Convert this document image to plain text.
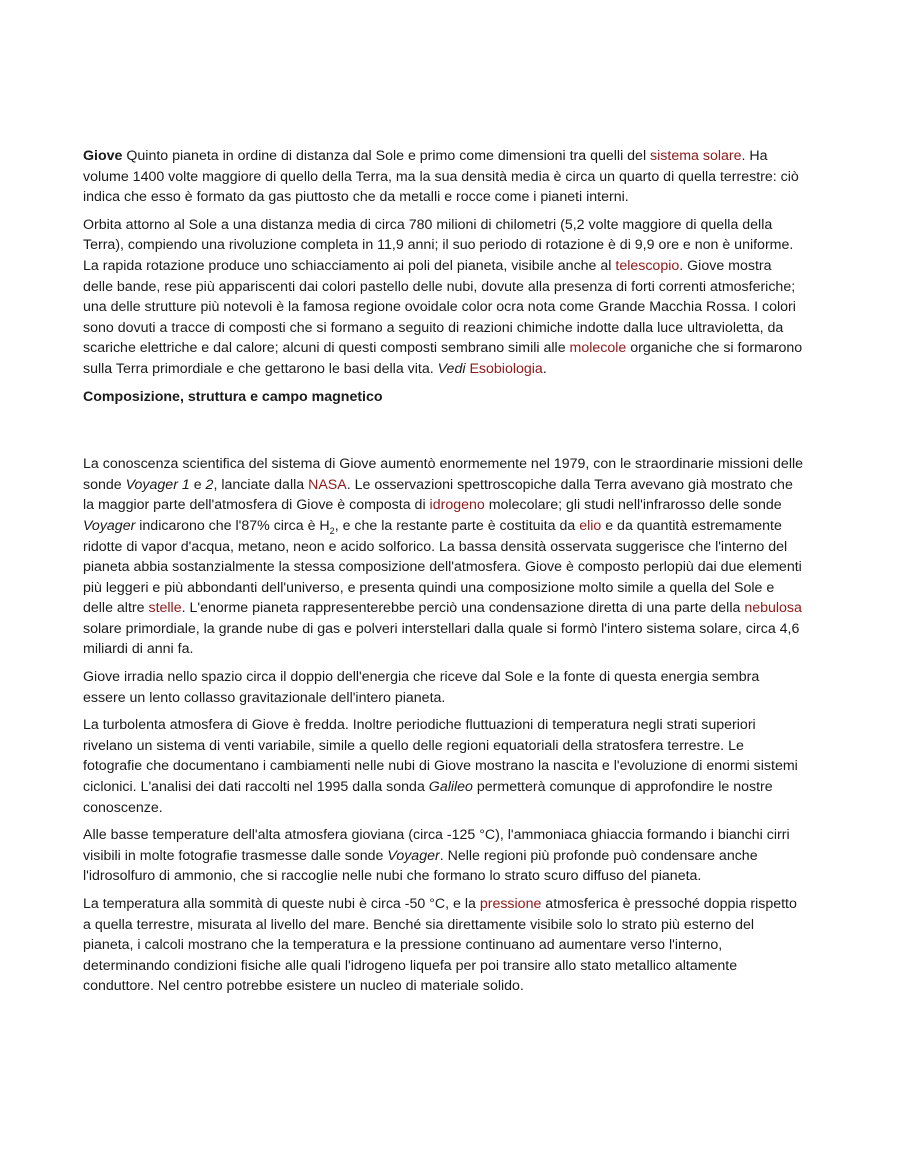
Giove Quinto pianeta in ordine di distanza dal Sole e primo come dimensioni tra quelli del sistema solare. Ha volume 1400 volte maggiore di quello della Terra, ma la sua densità media è circa un quarto di quella terrestre: ciò indica che esso è formato da gas piuttosto che da metalli e rocce come i pianeti interni.

Orbita attorno al Sole a una distanza media di circa 780 milioni di chilometri (5,2 volte maggiore di quella della Terra), compiendo una rivoluzione completa in 11,9 anni; il suo periodo di rotazione è di 9,9 ore e non è uniforme. La rapida rotazione produce uno schiacciamento ai poli del pianeta, visibile anche al telescopio. Giove mostra delle bande, rese più appariscenti dai colori pastello delle nubi, dovute alla presenza di forti correnti atmosferiche; una delle strutture più notevoli è la famosa regione ovoidale color ocra nota come Grande Macchia Rossa. I colori sono dovuti a tracce di composti che si formano a seguito di reazioni chimiche indotte dalla luce ultravioletta, da scariche elettriche e dal calore; alcuni di questi composti sembrano simili alle molecole organiche che si formarono sulla Terra primordiale e che gettarono le basi della vita. Vedi Esobiologia.

Composizione, struttura e campo magnetico

La conoscenza scientifica del sistema di Giove aumentò enormemente nel 1979, con le straordinarie missioni delle sonde Voyager 1 e 2, lanciate dalla NASA. Le osservazioni spettroscopiche dalla Terra avevano già mostrato che la maggior parte dell'atmosfera di Giove è composta di idrogeno molecolare; gli studi nell'infrarosso delle sonde Voyager indicarono che l'87% circa è $H_2$, e che la restante parte è costituita da elio e da quantità estremamente ridotte di vapor d'acqua, metano, neon e acido solforico. La bassa densità osservata suggerisce che l'interno del pianeta abbia sostanzialmente la stessa composizione dell'atmosfera. Giove è composto perlopiù dai due elementi più leggeri e più abbondanti dell'universo, e presenta quindi una composizione molto simile a quella del Sole e delle altre stelle. L'enorme pianeta rappresenterebbe perciò una condensazione diretta di una parte della nebulosa solare primordiale, la grande nube di gas e polveri interstellari dalla quale si formò l'intero sistema solare, circa 4,6 miliardi di anni fa.

Giove irradia nello spazio circa il doppio dell'energia che riceve dal Sole e la fonte di questa energia sembra essere un lento collasso gravitazionale dell'intero pianeta.

La turbolenta atmosfera di Giove è fredda. Inoltre periodiche fluttuazioni di temperatura negli strati superiori rivelano un sistema di venti variabile, simile a quello delle regioni equatoriali della stratosfera terrestre. Le fotografie che documentano i cambiamenti nelle nubi di Giove mostrano la nascita e l'evoluzione di enormi sistemi ciclonici. L'analisi dei dati raccolti nel 1995 dalla sonda Galileo permetterà comunque di approfondire le nostre conoscenze.

Alle basse temperature dell'alta atmosfera gioviana (circa -125 °C), l'ammoniaca ghiaccia formando i bianchi cirri visibili in molte fotografie trasmesse dalle sonde Voyager. Nelle regioni più profonde può condensare anche l'idrosolfuro di ammonio, che si raccoglie nelle nubi che formano lo strato scuro diffuso del pianeta.

La temperatura alla sommità di queste nubi è circa -50 °C, e la pressione atmosferica è pressoché doppia rispetto a quella terrestre, misurata al livello del mare. Benché sia direttamente visibile solo lo strato più esterno del pianeta, i calcoli mostrano che la temperatura e la pressione continuano ad aumentare verso l'interno, determinando condizioni fisiche alle quali l'idrogeno liquefa per poi transire allo stato metallico altamente conduttore. Nel centro potrebbe esistere un nucleo di materiale solido.
